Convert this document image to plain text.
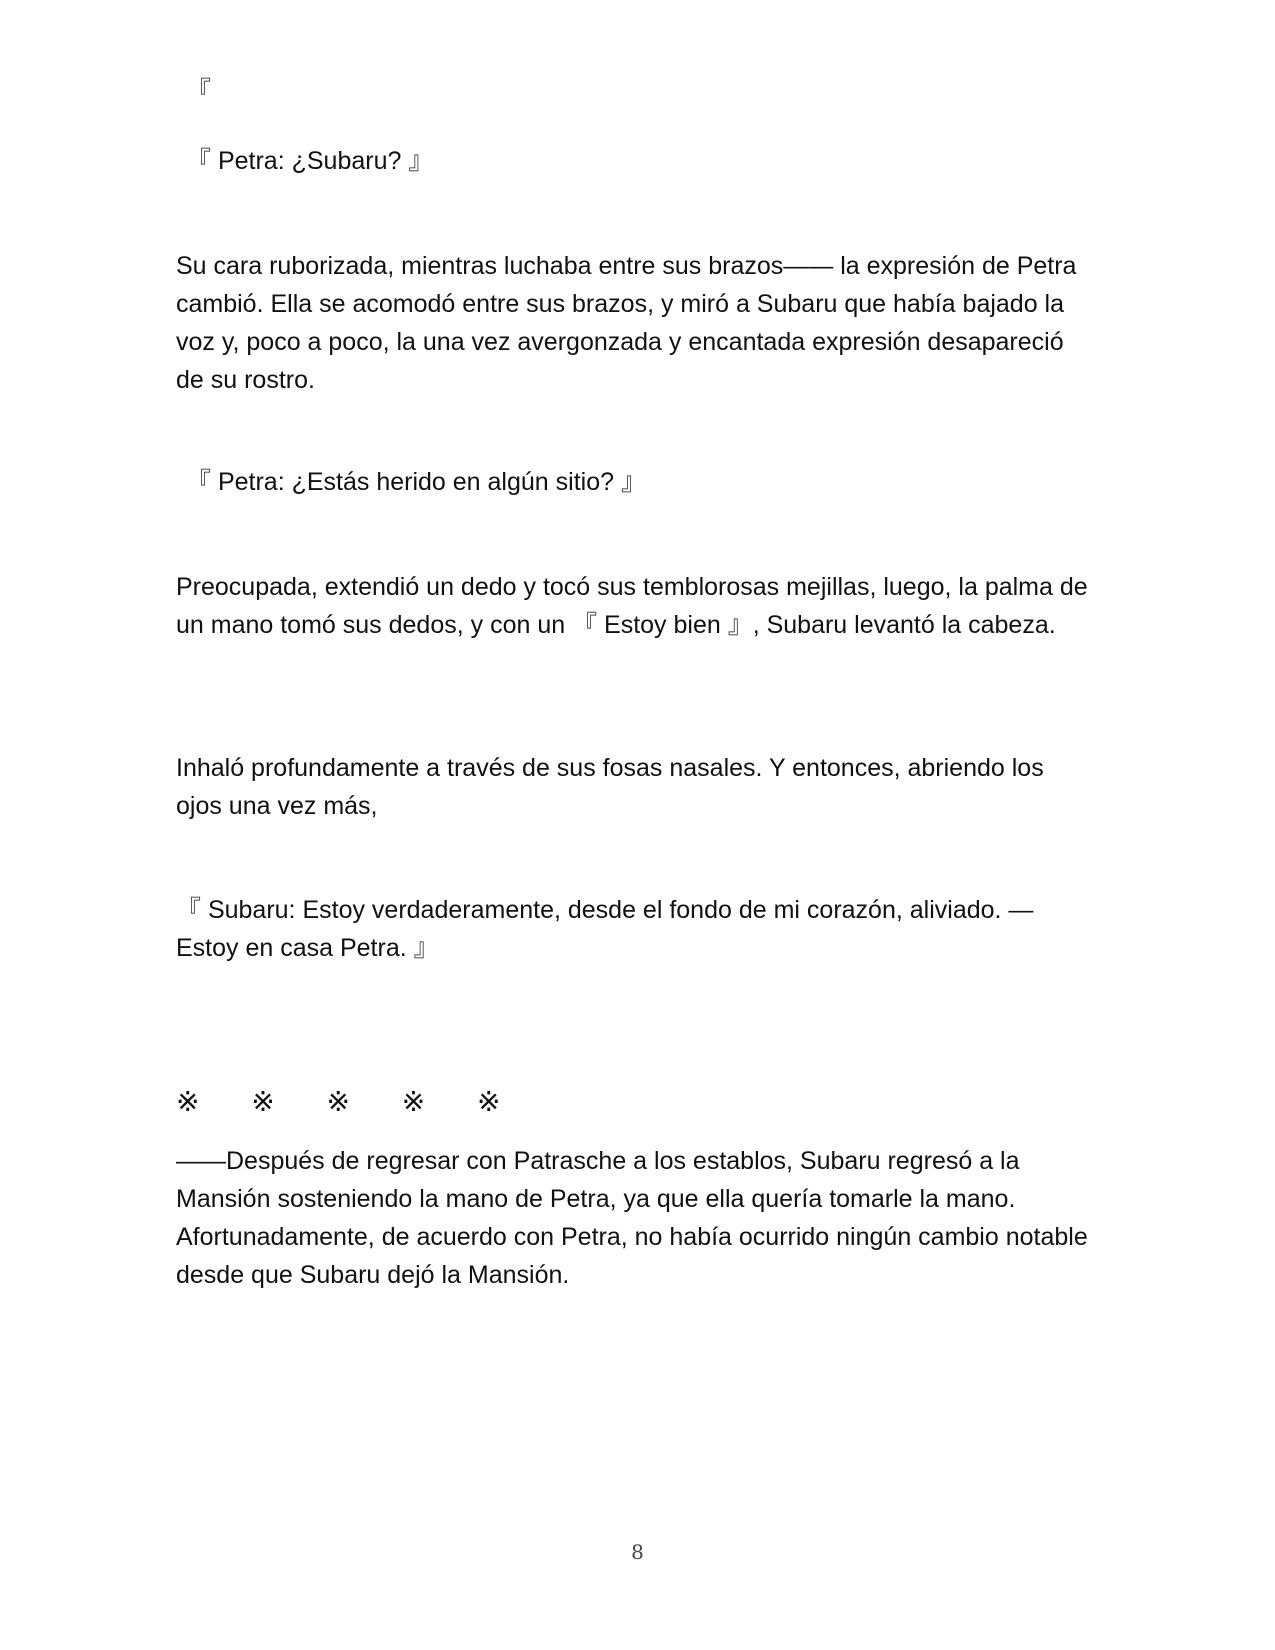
『

『 Petra: ¿Subaru? 』

Su cara ruborizada, mientras luchaba entre sus brazos—— la expresión de Petra cambió. Ella se acomodó entre sus brazos, y miró a Subaru que había bajado la voz y, poco a poco, la una vez avergonzada y encantada expresión desapareció de su rostro.

『 Petra: ¿Estás herido en algún sitio? 』

Preocupada, extendió un dedo y tocó sus temblorosas mejillas, luego, la palma de un mano tomó sus dedos, y con un 『 Estoy bien 』, Subaru levantó la cabeza.

Inhaló profundamente a través de sus fosas nasales. Y entonces, abriendo los ojos una vez más,

『 Subaru: Estoy verdaderamente, desde el fondo de mi corazón, aliviado. — Estoy en casa Petra. 』

※ ※ ※ ※ ※

——Después de regresar con Patrasche a los establos, Subaru regresó a la Mansión sosteniendo la mano de Petra, ya que ella quería tomarle la mano. Afortunadamente, de acuerdo con Petra, no había ocurrido ningún cambio notable desde que Subaru dejó la Mansión.

8
